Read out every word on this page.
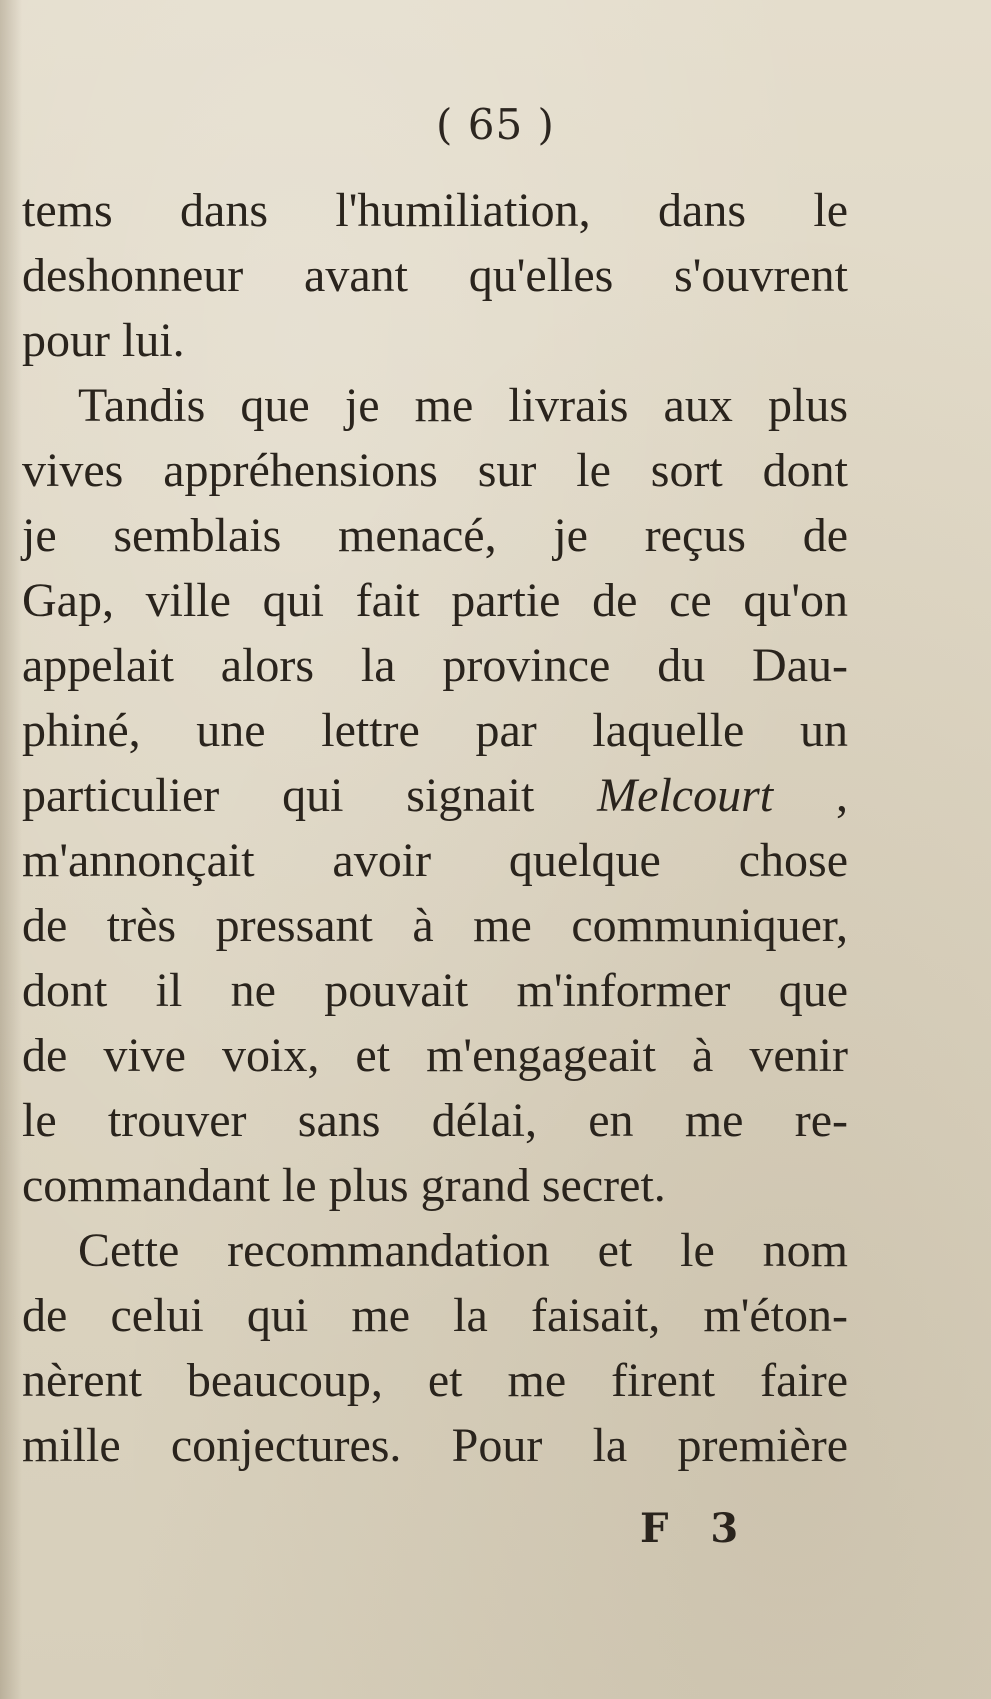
( 65 )
tems dans l'humiliation, dans le
deshonneur avant qu'elles s'ouvrent
pour lui.
Tandis que je me livrais aux plus
vives appréhensions sur le sort dont
je semblais menacé, je reçus de
Gap, ville qui fait partie de ce qu'on
appelait alors la province du Dau-
phiné, une lettre par laquelle un
particulier qui signait Melcourt ,
m'annonçait avoir quelque chose
de très pressant à me communiquer,
dont il ne pouvait m'informer que
de vive voix, et m'engageait à venir
le trouver sans délai, en me re-
commandant le plus grand secret.
Cette recommandation et le nom
de celui qui me la faisait, m'éton-
nèrent beaucoup, et me firent faire
mille conjectures. Pour la première
F 3
